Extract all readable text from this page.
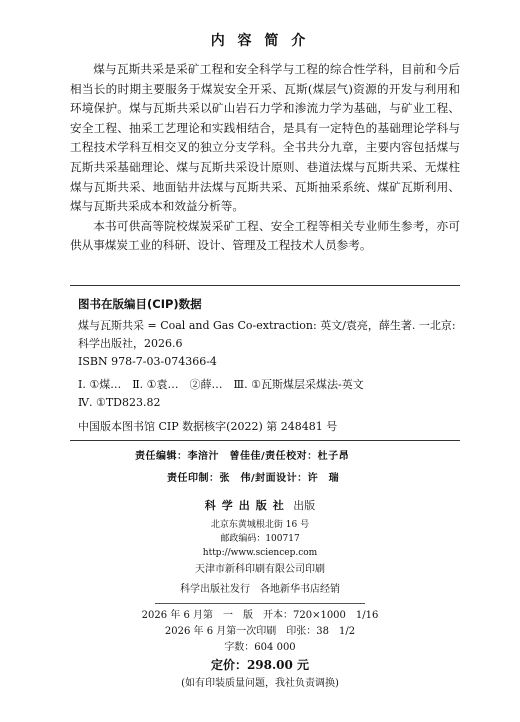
内 容 简 介

煤与瓦斯共采是采矿工程和安全科学与工程的综合性学科，目前和今后相当长的时期主要服务于煤炭安全开采、瓦斯(煤层气)资源的开发与利用和环境保护。煤与瓦斯共采以矿山岩石力学和渗流力学为基础，与矿业工程、安全工程、抽采工艺理论和实践相结合，是具有一定特色的基础理论学科与工程技术学科互相交叉的独立分支学科。全书共分九章，主要内容包括煤与瓦斯共采基础理论、煤与瓦斯共采设计原则、巷道法煤与瓦斯共采、无煤柱煤与瓦斯共采、地面钻井法煤与瓦斯共采、瓦斯抽采系统、煤矿瓦斯利用、煤与瓦斯共采成本和效益分析等。

本书可供高等院校煤炭采矿工程、安全工程等相关专业师生参考，亦可供从事煤炭工业的科研、设计、管理及工程技术人员参考。

图书在版编目(CIP)数据
煤与瓦斯共采 = Coal and Gas Co-extraction: 英文/袁亮，薛生著. 一北京: 科学出版社，2026.6
ISBN 978-7-03-074366-4
Ⅰ. ①煤…　Ⅱ. ①袁…　②薛…　Ⅲ. ①瓦斯煤层采煤法-英文
Ⅳ. ①TD823.82
中国版本图书馆 CIP 数据核字(2022) 第 248481 号
责任编辑：李涪汁　曾佳佳/责任校对：杜子昂
责任印制：张　伟/封面设计：许　瑞
科学出版社 出版
北京东黄城根北街 16 号
邮政编码：100717
http://www.sciencep.com
天津市新科印刷有限公司印刷
科学出版社发行　各地新华书店经销
2026 年 6 月第　一　版　开本：720×1000　1/16
2026 年 6 月第一次印刷　印张：38　1/2
字数：604 000
定价：298.00 元
(如有印装质量问题，我社负责调换)
